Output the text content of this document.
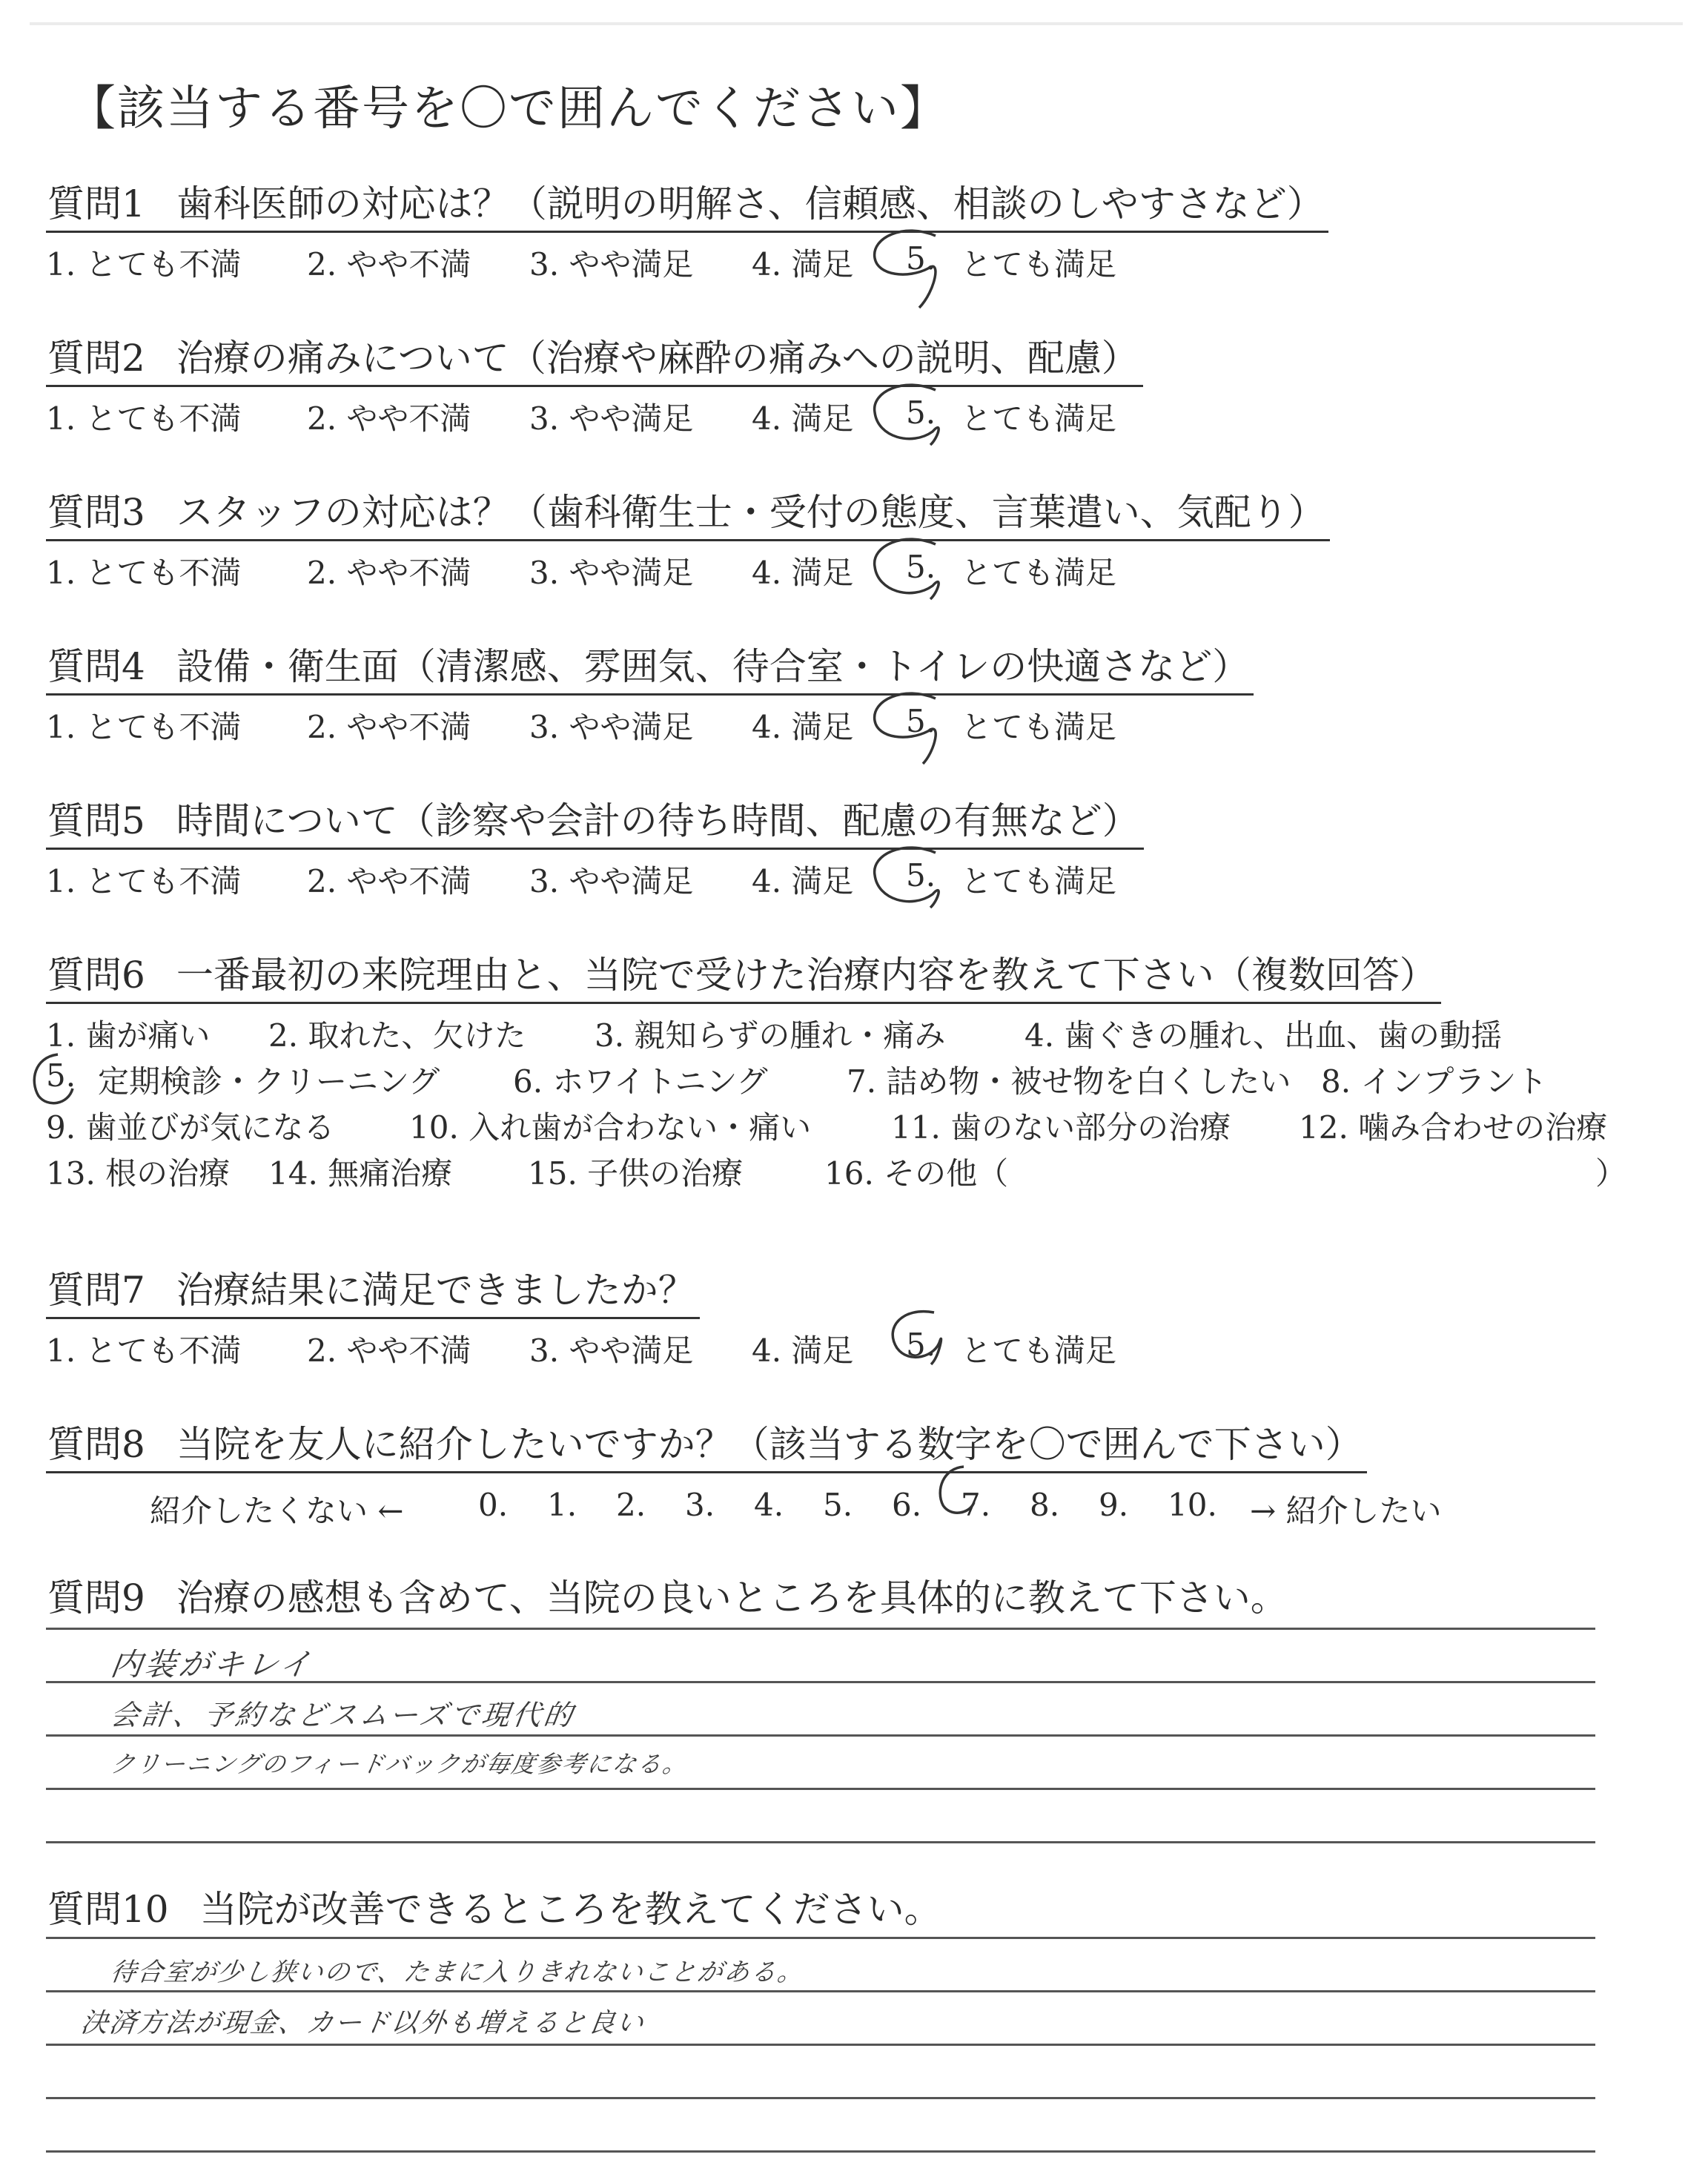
【該当する番号を〇で囲んでください】
質問1 歯科医師の対応は？（説明の明解さ、信頼感、相談のしやすさなど）
1. とても不満 2. やや不満 3. やや満足 4. 満足 5. とても満足
質問2 治療の痛みについて（治療や麻酔の痛みへの説明、配慮）
1. とても不満 2. やや不満 3. やや満足 4. 満足 5. とても満足
質問3 スタッフの対応は？（歯科衛生士・受付の態度、言葉遣い、気配り）
1. とても不満 2. やや不満 3. やや満足 4. 満足 5. とても満足
質問4 設備・衛生面（清潔感、雰囲気、待合室・トイレの快適さなど）
1. とても不満 2. やや不満 3. やや満足 4. 満足 5. とても満足
質問5 時間について（診察や会計の待ち時間、配慮の有無など）
1. とても不満 2. やや不満 3. やや満足 4. 満足 5. とても満足
質問6 一番最初の来院理由と、当院で受けた治療内容を教えて下さい（複数回答）
1. 歯が痛い 2. 取れた、欠けた 3. 親知らずの腫れ・痛み	4. 歯ぐきの腫れ、出血、歯の動揺
5. 定期検診・クリーニング 6. ホワイトニング	7. 詰め物・被せ物を白くしたい 8. インプラント
9. 歯並びが気になる 10. 入れ歯が合わない・痛い	11. 歯のない部分の治療 12. 噛み合わせの治療
13. 根の治療 14. 無痛治療 15. 子供の治療	16. その他（	）
質問7 治療結果に満足できましたか？
1. とても不満 2. やや不満 3. やや満足 4. 満足 5. とても満足
質問8 当院を友人に紹介したいですか？（該当する数字を〇で囲んで下さい）
紹介したくない ← 0. 1. 2. 3. 4. 5. 6. 7. 8. 9. 10. → 紹介したい
質問9 治療の感想も含めて、当院の良いところを具体的に教えて下さい。
内装がキレイ
会計、予約などスムーズで現代的
クリーニングのフィードバックが毎度参考になる。
質問10 当院が改善できるところを教えてください。
待合室が少し狭いので、たまに入りきれないことがある。
決済方法が現金、カード以外も増えると良い
